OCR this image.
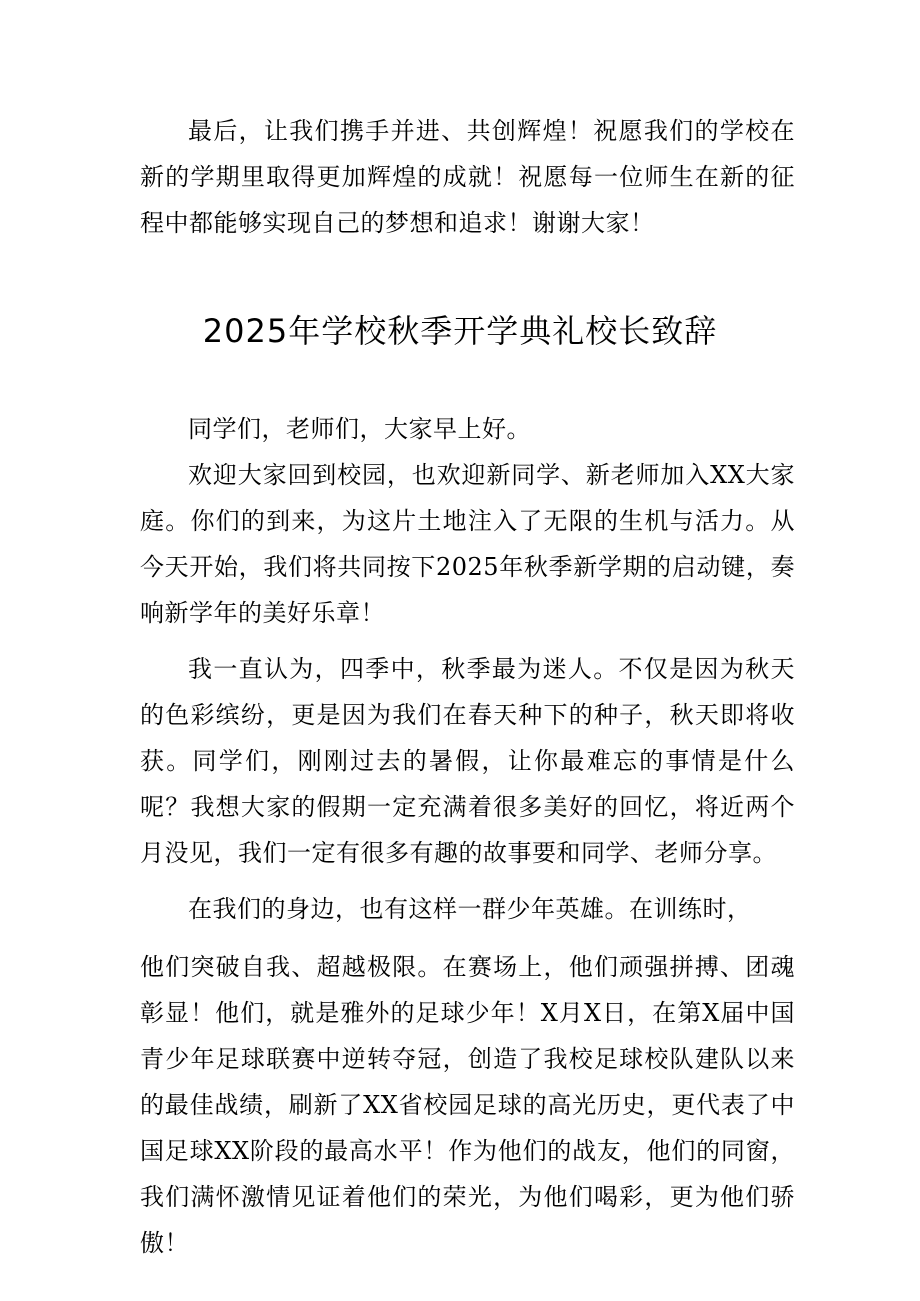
最后，让我们携手并进、共创辉煌！祝愿我们的学校在新的学期里取得更加辉煌的成就！祝愿每一位师生在新的征程中都能够实现自己的梦想和追求！谢谢大家！

2025年学校秋季开学典礼校长致辞

同学们，老师们，大家早上好。

欢迎大家回到校园，也欢迎新同学、新老师加入XX大家庭。你们的到来，为这片土地注入了无限的生机与活力。从今天开始，我们将共同按下2025年秋季新学期的启动键，奏响新学年的美好乐章！

我一直认为，四季中，秋季最为迷人。不仅是因为秋天的色彩缤纷，更是因为我们在春天种下的种子，秋天即将收获。同学们，刚刚过去的暑假，让你最难忘的事情是什么呢？我想大家的假期一定充满着很多美好的回忆，将近两个月没见，我们一定有很多有趣的故事要和同学、老师分享。

在我们的身边，也有这样一群少年英雄。在训练时，

他们突破自我、超越极限。在赛场上，他们顽强拼搏、团魂彰显！他们，就是雅外的足球少年！X月X日，在第X届中国青少年足球联赛中逆转夺冠，创造了我校足球校队建队以来的最佳战绩，刷新了XX省校园足球的高光历史，更代表了中国足球XX阶段的最高水平！作为他们的战友，他们的同窗，我们满怀激情见证着他们的荣光，为他们喝彩，更为他们骄傲！
